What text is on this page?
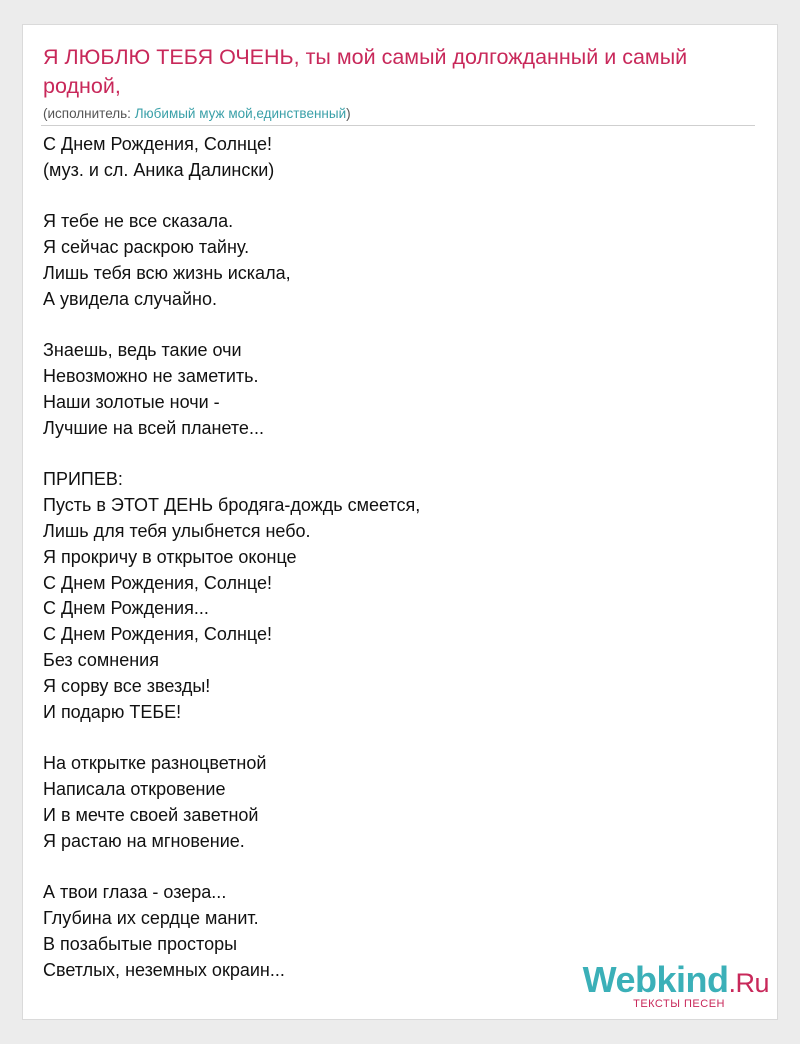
Я ЛЮБЛЮ ТЕБЯ ОЧЕНЬ, ты мой самый долгожданный и самый родной,
(исполнитель: Любимый муж мой,единственный)
С Днем Рождения, Солнце!
(муз. и сл. Аника Далински)
Я тебе не все сказала.
Я сейчас раскрою тайну.
Лишь тебя всю жизнь искала,
А увидела случайно.
Знаешь, ведь такие очи
Невозможно не заметить.
Наши золотые ночи -
Лучшие на всей планете...
ПРИПЕВ:
Пусть в ЭТОТ ДЕНЬ бродяга-дождь смеется,
Лишь для тебя улыбнется небо.
Я прокричу в открытое оконце
С Днем Рождения, Солнце!
С Днем Рождения...
С Днем Рождения, Солнце!
Без сомнения
Я сорву все звезды!
И подарю ТЕБЕ!
На открытке разноцветной
Написала откровение
И в мечте своей заветной
Я растаю на мгновение.
А твои глаза - озера...
Глубина их сердце манит.
В позабытые просторы
Светлых, неземных окраин...	Webkind.Ru
ТЕКСТЫ ПЕСЕН
